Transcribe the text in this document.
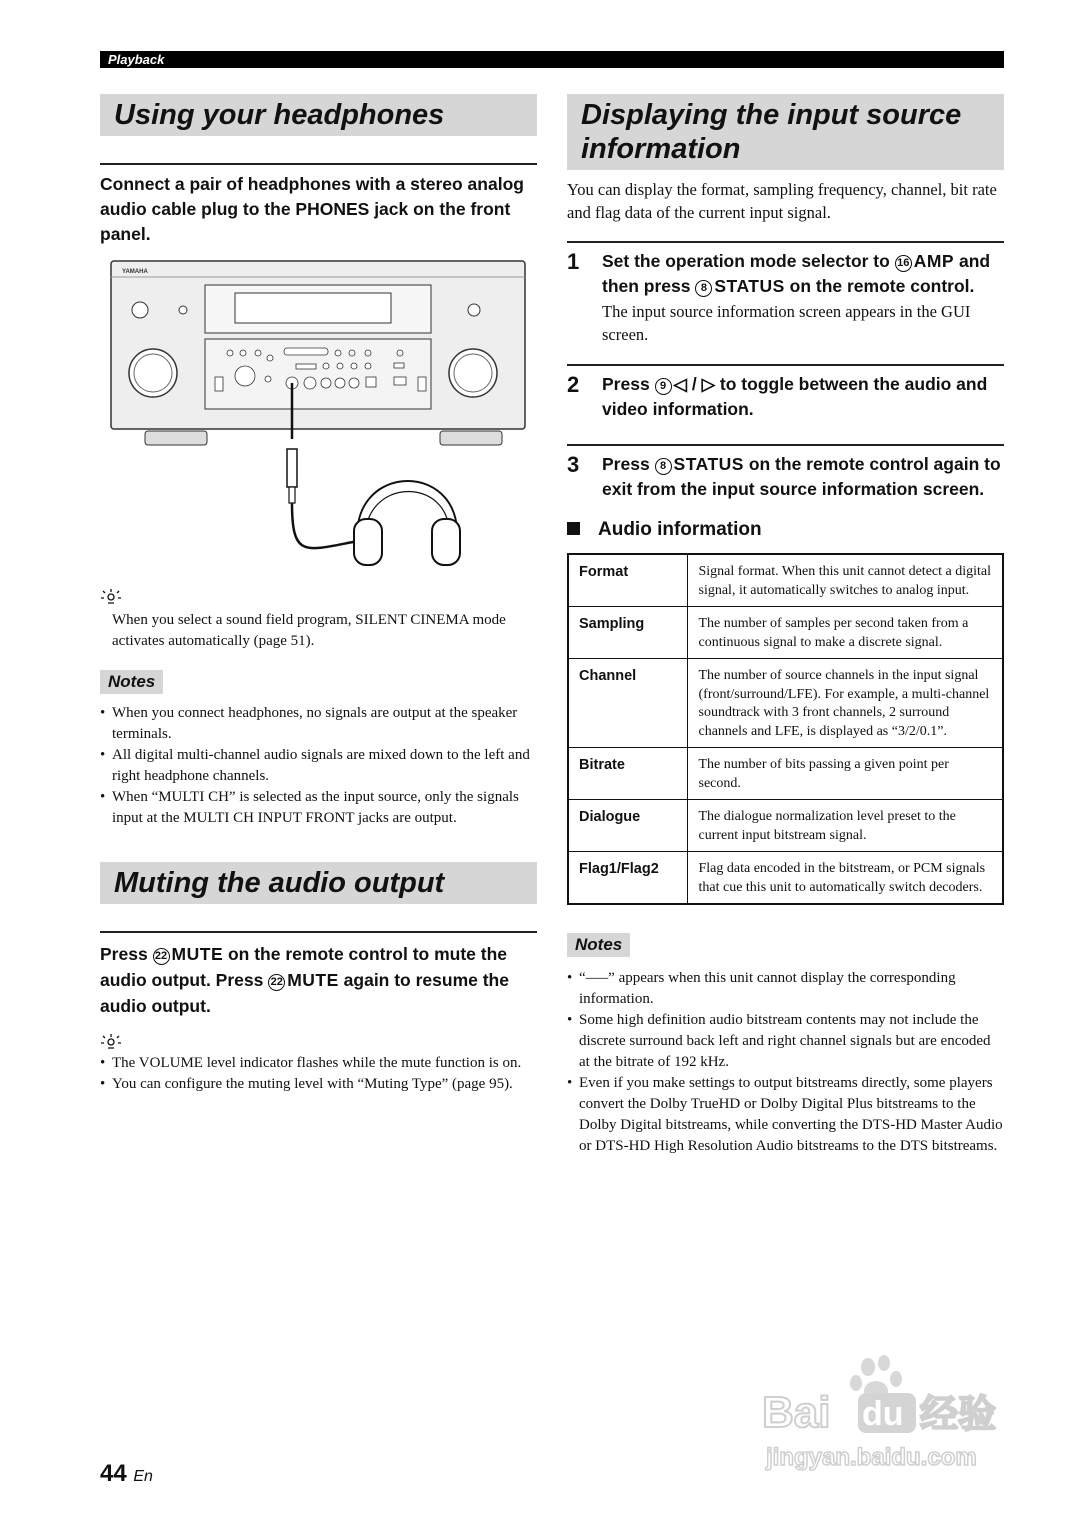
Playback
Using your headphones
Connect a pair of headphones with a stereo analog audio cable plug to the PHONES jack on the front panel.
YAMAHA
When you select a sound field program, SILENT CINEMA mode activates automatically (page 51).
Notes
• When you connect headphones, no signals are output at the speaker terminals.
• All digital multi-channel audio signals are mixed down to the left and right headphone channels.
• When “MULTI CH” is selected as the input source, only the signals input at the MULTI CH INPUT FRONT jacks are output.
Muting the audio output
Press 22 MUTE on the remote control to mute the audio output. Press 22 MUTE again to resume the audio output.
• The VOLUME level indicator flashes while the mute function is on.
• You can configure the muting level with “Muting Type” (page 95).
Displaying the input source information
You can display the format, sampling frequency, channel, bit rate and flag data of the current input signal.
1 Set the operation mode selector to 16 AMP and then press 8 STATUS on the remote control.
The input source information screen appears in the GUI screen.
2 Press 9 ◁ / ▷ to toggle between the audio and video information.
3 Press 8 STATUS on the remote control again to exit from the input source information screen.
Audio information
Format	Signal format. When this unit cannot detect a digital signal, it automatically switches to analog input.
Sampling	The number of samples per second taken from a continuous signal to make a discrete signal.
Channel	The number of source channels in the input signal (front/surround/LFE). For example, a multi-channel soundtrack with 3 front channels, 2 surround channels and LFE, is displayed as “3/2/0.1”.
Bitrate	The number of bits passing a given point per second.
Dialogue	The dialogue normalization level preset to the current input bitstream signal.
Flag1/Flag2	Flag data encoded in the bitstream, or PCM signals that cue this unit to automatically switch decoders.
Notes
• “–––” appears when this unit cannot display the corresponding information.
• Some high definition audio bitstream contents may not include the discrete surround back left and right channel signals but are encoded at the bitrate of 192 kHz.
• Even if you make settings to output bitstreams directly, some players convert the Dolby TrueHD or Dolby Digital Plus bitstreams to the Dolby Digital bitstreams, while converting the DTS-HD Master Audio or DTS-HD High Resolution Audio bitstreams to the DTS bitstreams.
44 En
Bai du 经验
jingyan.baidu.com
